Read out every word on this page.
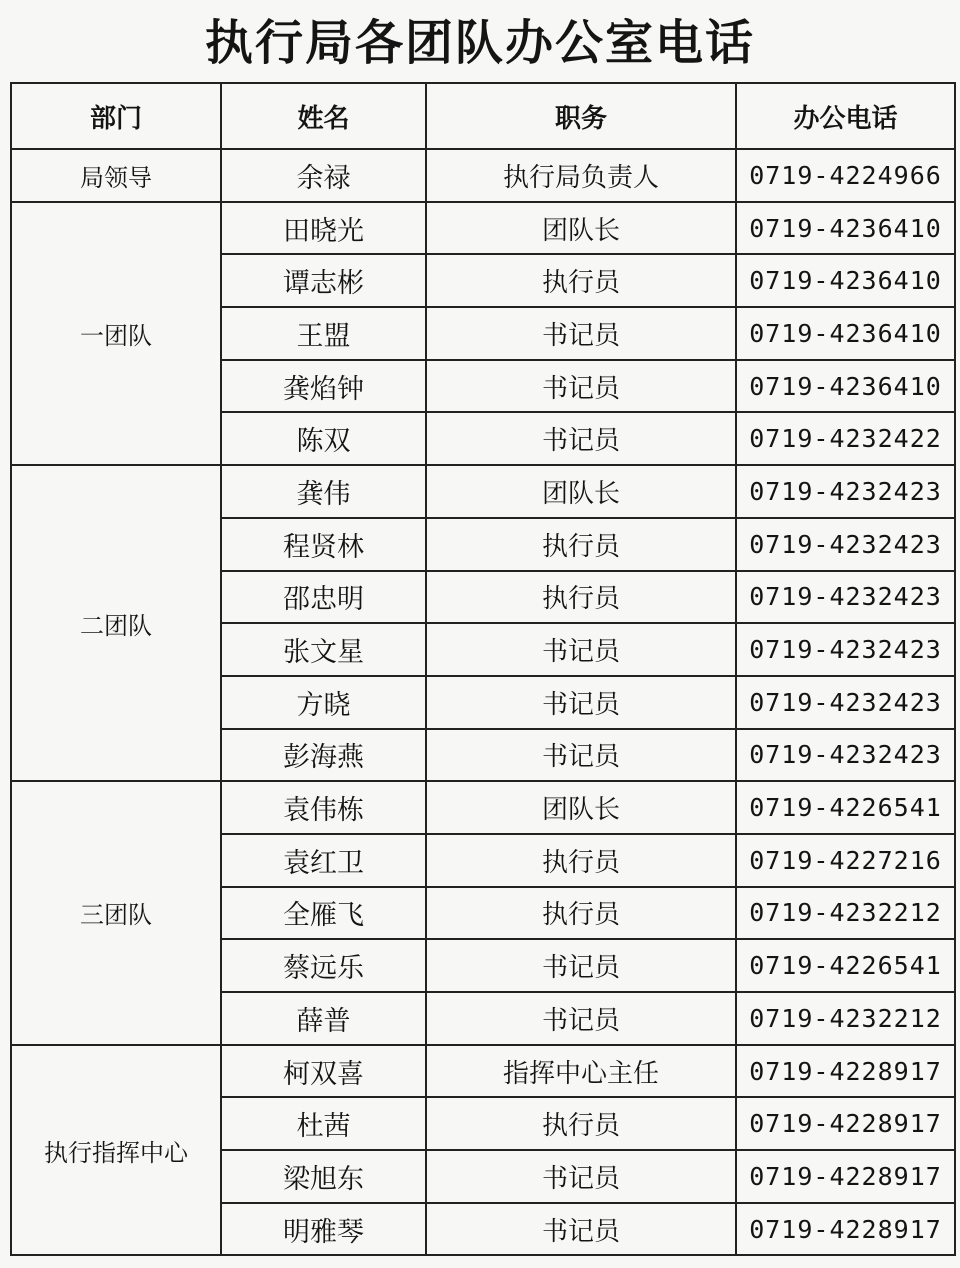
执行局各团队办公室电话
部门	姓名	职务	办公电话
局领导	余禄	执行局负责人	0719-4224966
一团队	田晓光	团队长	0719-4236410
	谭志彬	执行员	0719-4236410
	王盟	书记员	0719-4236410
	龚焰钟	书记员	0719-4236410
	陈双	书记员	0719-4232422
二团队	龚伟	团队长	0719-4232423
	程贤林	执行员	0719-4232423
	邵忠明	执行员	0719-4232423
	张文星	书记员	0719-4232423
	方晓	书记员	0719-4232423
	彭海燕	书记员	0719-4232423
三团队	袁伟栋	团队长	0719-4226541
	袁红卫	执行员	0719-4227216
	全雁飞	执行员	0719-4232212
	蔡远乐	书记员	0719-4226541
	薛普	书记员	0719-4232212
执行指挥中心	柯双喜	指挥中心主任	0719-4228917
	杜茜	执行员	0719-4228917
	梁旭东	书记员	0719-4228917
	明雅琴	书记员	0719-4228917
